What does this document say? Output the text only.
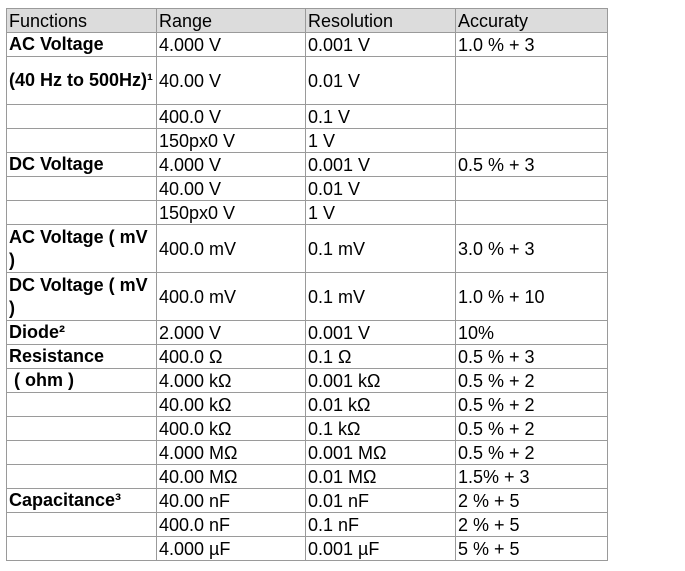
Functions	Range	Resolution	Accuraty
AC Voltage	4.000 V	0.001 V	1.0 % + 3
(40 Hz to 500Hz)¹	40.00 V	0.01 V	
	400.0 V	0.1 V	
	150px0 V	1 V	
DC Voltage	4.000 V	0.001 V	0.5 % + 3
	40.00 V	0.01 V	
	150px0 V	1 V	
AC Voltage ( mV )	400.0 mV	0.1 mV	3.0 % + 3
DC Voltage ( mV )	400.0 mV	0.1 mV	1.0 % + 10
Diode²	2.000 V	0.001 V	10%
Resistance	400.0 Ω	0.1 Ω	0.5 % + 3
( ohm )	4.000 kΩ	0.001 kΩ	0.5 % + 2
	40.00 kΩ	0.01 kΩ	0.5 % + 2
	400.0 kΩ	0.1 kΩ	0.5 % + 2
	4.000 MΩ	0.001 MΩ	0.5 % + 2
	40.00 MΩ	0.01 MΩ	1.5% + 3
Capacitance³	40.00 nF	0.01 nF	2 % + 5
	400.0 nF	0.1 nF	2 % + 5
	4.000 µF	0.001 µF	5 % + 5
